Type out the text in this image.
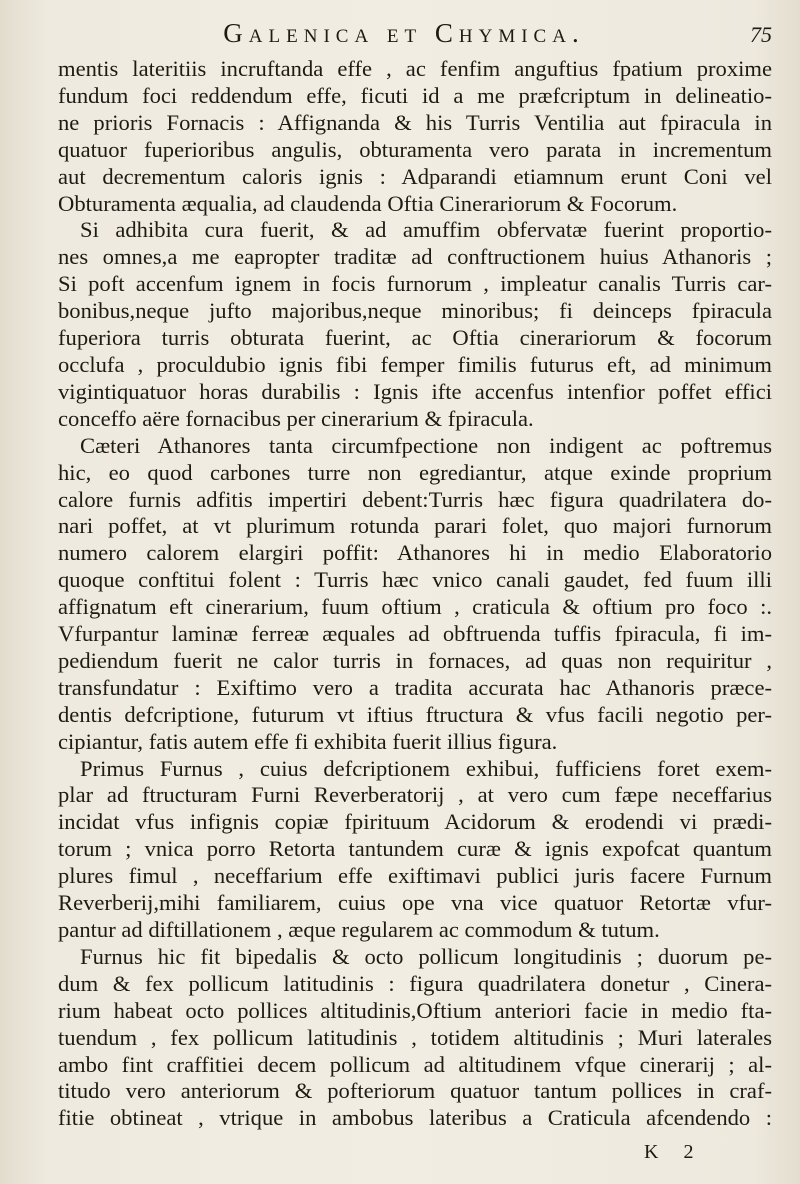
Galenica et Chymica.	75
mentis lateritiis incruftanda effe , ac fenfim anguftius fpatium proxime
fundum foci reddendum effe, ficuti id a me præfcriptum in delineatio-
ne prioris Fornacis : Affignanda & his Turris Ventilia aut fpiracula in
quatuor fuperioribus angulis, obturamenta vero parata in incrementum
aut decrementum caloris ignis : Adparandi etiamnum erunt Coni vel
Obturamenta æqualia, ad claudenda Oftia Cinerariorum & Focorum.
Si adhibita cura fuerit, & ad amuffim obfervatæ fuerint proportio-
nes omnes,a me eapropter traditæ ad conftructionem huius Athanoris ;
Si poft accenfum ignem in focis furnorum , impleatur canalis Turris car-
bonibus,neque jufto majoribus,neque minoribus; fi deinceps fpiracula
fuperiora turris obturata fuerint, ac Oftia cinerariorum & focorum
occlufa , proculdubio ignis fibi femper fimilis futurus eft, ad minimum
vigintiquatuor horas durabilis : Ignis ifte accenfus intenfior poffet effici
conceffo aëre fornacibus per cinerarium & fpiracula.
Cæteri Athanores tanta circumfpectione non indigent ac poftremus
hic, eo quod carbones turre non egrediantur, atque exinde proprium
calore furnis adfitis impertiri debent:Turris hæc figura quadrilatera do-
nari poffet, at vt plurimum rotunda parari folet, quo majori furnorum
numero calorem elargiri poffit: Athanores hi in medio Elaboratorio
quoque conftitui folent : Turris hæc vnico canali gaudet, fed fuum illi
affignatum eft cinerarium, fuum oftium , craticula & oftium pro foco :.
Vfurpantur laminæ ferreæ æquales ad obftruenda tuffis fpiracula, fi im-
pediendum fuerit ne calor turris in fornaces, ad quas non requiritur ,
transfundatur : Exiftimo vero a tradita accurata hac Athanoris præce-
dentis defcriptione, futurum vt iftius ftructura & vfus facili negotio per-
cipiantur, fatis autem effe fi exhibita fuerit illius figura.
Primus Furnus , cuius defcriptionem exhibui, fufficiens foret exem-
plar ad ftructuram Furni Reverberatorij , at vero cum fæpe neceffarius
incidat vfus infignis copiæ fpirituum Acidorum & erodendi vi prædi-
torum ; vnica porro Retorta tantundem curæ & ignis expofcat quantum
plures fimul , neceffarium effe exiftimavi publici juris facere Furnum
Reverberij,mihi familiarem, cuius ope vna vice quatuor Retortæ vfur-
pantur ad diftillationem , æque regularem ac commodum & tutum.
Furnus hic fit bipedalis & octo pollicum longitudinis ; duorum pe-
dum & fex pollicum latitudinis : figura quadrilatera donetur , Cinera-
rium habeat octo pollices altitudinis,Oftium anteriori facie in medio fta-
tuendum , fex pollicum latitudinis , totidem altitudinis ; Muri laterales
ambo fint craffitiei decem pollicum ad altitudinem vfque cinerarij ; al-
titudo vero anteriorum & pofteriorum quatuor tantum pollices in craf-
fitie obtineat , vtrique in ambobus lateribus a Craticula afcendendo :
K 2
